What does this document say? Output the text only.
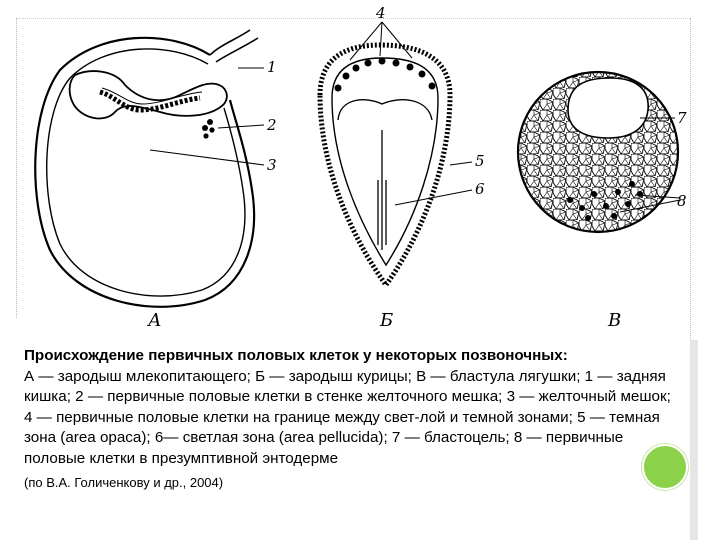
1
2
3
А
4
5
6
Б
7
8
В
Происхождение первичных половых клеток у некоторых позвоночных:
А — зародыш млекопитающего; Б — зародыш курицы; В — бластула лягушки; 1 — задняя кишка; 2 — первичные половые клетки в стенке желточного мешка; 3 — желточный мешок; 4 — первичные половые клетки на границе между свет-лой и темной зонами; 5 — темная зона (area opaca); 6— светлая зона (area pellucida); 7 — бластоцель; 8 — первичные половые клетки в презумптивной энтодерме
(по В.А. Голиченкову и др., 2004)
